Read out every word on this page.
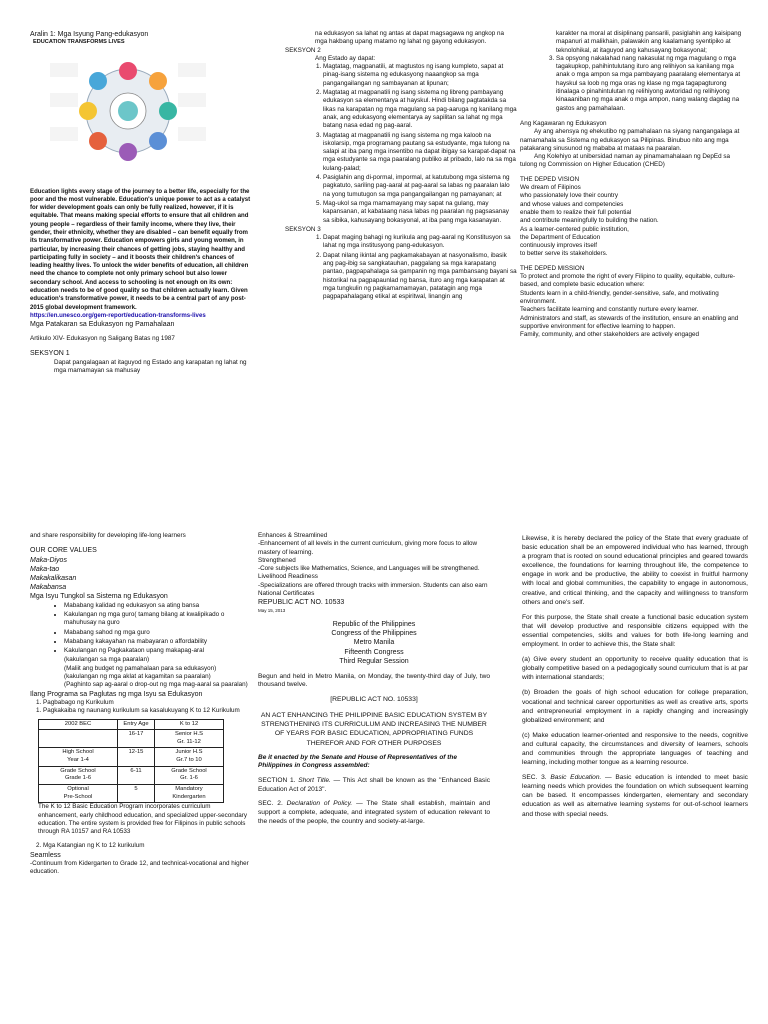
Aralin 1: Mga Isyung Pang-edukasyon
EDUCATION TRANSFORMS LIVES

Education lights every stage of the journey to a better life, especially for the poor and the most vulnerable. Education's unique power to act as a catalyst for wider development goals can only be fully realized, however, if it is equitable. That means making special efforts to ensure that all children and young people – regardless of their family income, where they live, their gender, their ethnicity, whether they are disabled – can benefit equally from its transformative power. Education empowers girls and young women, in particular, by increasing their chances of getting jobs, staying healthy and participating fully in society – and it boosts their children's chances of leading healthy lives. To unlock the wider benefits of education, all children need the chance to complete not only primary school but also lower secondary school. And access to schooling is not enough on its own: education needs to be of good quality so that children actually learn. Given education's transformative power, it needs to be a central part of any post-2015 global development framework.

https://en.unesco.org/gem-report/education-transforms-lives
Mga Patakaran sa Edukasyon ng Pamahalaan
Artikulo XIV- Edukasyon ng Saligang Batas ng 1987
SEKSYON 1

Dapat pangalagaan at itaguyod ng Estado ang karapatan ng lahat ng mga mamamayan sa mahusay

na edukasyon sa lahat ng antas at dapat magsagawa ng angkop na mga hakbang upang matamo ng lahat ng gayong edukasyon.

SEKSYON 2
Ang Estado ay dapat:
1. Magtatag, magpanatili, at magtustos ng isang kumpleto, sapat at pinag-isang sistema ng edukasyong naaangkop sa mga pangangailangan ng sambayanan at lipunan;
2. Magtatag at magpanatili ng isang sistema ng libreng pambayang edukasyon sa elementarya at hayskul. Hindi bilang pagtatakda sa likas na karapatan ng mga magulang sa pag-aaruga ng kanilang mga anak, ang edukasyong elementarya ay sapilitan sa lahat ng mga batang nasa edad ng pag-aaral.
3. Magtatag at magpanatili ng isang sistema ng mga kaloob na iskolarsip, mga programang pautang sa estudyante, mga tulong na salapi at iba pang mga insentibo na dapat ibigay sa karapat-dapat na mga estudyante sa mga paaralang publiko at pribado, lalo na sa mga kulang-palad;
4. Pasiglahin ang di-pormal, impormal, at katutubong mga sistema ng pagkatuto, sariling pag-aaral at pag-aaral sa labas ng paaralan lalo na yong tumutugon sa mga pangangailangan ng pamayanan; at
5. Mag-ukol sa mga mamamayang may sapat na gulang, may kapansanan, at kabataang nasa labas ng paaralan ng pagsasanay sa sibika, kahusayang bokasyonal, at iba pang mga kasanayan.
SEKSYON 3
1. Dapat maging bahagi ng kurikula ang pag-aaral ng Konstitusyon sa lahat ng mga institusyong pang-edukasyon.
2. Dapat nilang ikintal ang pagkamakabayan at nasyonalismo, ibasik ang pag-ibig sa sangkatauhan, paggalang sa mga karapatang pantao, pagpapahalaga sa gampanin ng mga pambansang bayani sa historikal na pagpapaunlad ng bansa, ituro ang mga karapatan at mga tungkulin ng pagkamamamayan, patatagin ang mga pagpapahalagang etikal at espiritwal, linangin ang

karakter na moral at disiplinang pansarili, pasiglahin ang kaisipang mapanuri at malikhain, palawakin ang kaalamang syentipiko at teknolohikal, at itaguyod ang kahusayang bokasyonal;

3. Sa opsyong nakalahad nang nakasulat ng mga magulang o mga tagakupkop, pahihintulutang ituro ang relihiyon sa kanilang mga anak o mga ampon sa mga pambayang paaralang elementarya at hayskul sa loob ng mga oras ng klase ng mga tagapagturong itinalaga o pinahintulutan ng relihiyong awtoridad ng relihiyong kinaaaniban ng mga anak o mga ampon, nang walang dagdag na gastos ang pamahalaan.
Ang Kagawaran ng Edukasyon

Ay ang ahensya ng ehekutibo ng pamahalaan na siyang nangangalaga at namamahala sa Sistema ng edukasyon sa Pilipinas. Binubuo nito ang mga patakarang sinusunod ng mababa at mataas na paaralan.

Ang Kolehiyo at unibersidad naman ay pinamamahalaan ng DepEd sa tulong ng Commission on Higher Education (CHED)

THE DEPED VISION
We dream of Filipinos
who passionately love their country
and whose values and competencies
enable them to realize their full potential
and contribute meaningfully to building the nation.
As a learner-centered public institution,
the Department of Education
continuously improves itself
to better serve its stakeholders.
THE DEPED MISSION
To protect and promote the right of every Filipino to quality, equitable, culture-based, and complete basic education where:
Students learn in a child-friendly, gender-sensitive, safe, and motivating environment.
Teachers facilitate learning and constantly nurture every learner.
Administrators and staff, as stewards of the institution, ensure an enabling and supportive environment for effective learning to happen.
Family, community, and other stakeholders are actively engaged
and share responsibility for developing life-long learners
OUR CORE VALUES
Maka-Diyos
Maka-tao
Makakalikasan
Makabansa
Mga Isyu Tungkol sa Sistema ng Edukasyon
• Mababang kalidad ng edukasyon sa ating bansa
• Kakulangan ng mga guro( tamang bilang at kwalipikado o mahuhusay na guro
• Mababang sahod ng mga guro
• Mababang kakayahan na mabayaran o affordability
• Kakulangan ng Pagkakataon upang makapag-aral
(kakulangan sa mga paaralan)
(Maliit ang budget ng pamahalaan para sa edukasyon)
(kakulangan ng mga aklat at kagamitan sa paaralan)
(Paghinto sap ag-aaral o drop-out ng mga mag-aaral sa paaralan)
Ilang Programa sa Paglutas ng mga Isyu sa Edukasyon
1. Pagbabago ng Kurikulum
1. Pagkakaiba ng naunang kurikulum sa kasalukuyang K to 12 Kurikulum
2002 BEC	Entry Age	K to 12
	16-17	Senior H.S
Gr. 11-12
High School
Year 1-4	12-15	Junior H.S
Gr.7 to 10
Grade School
Grade 1-6	6-11	Grade School
Gr. 1-6
Optional
Pre-School	5	Mandatory
Kindergarten

The K to 12 Basic Education Program incorporates curriculum enhancement, early childhood education, and specialized upper-secondary education. The entire system is provided free for Filipinos in public schools through RA 10157 and RA 10533

2. Mga Katangian ng K to 12 kurikulum
Seamless

-Continuum from Kidergarten to Grade 12, and technical-vocational and higher education.

Enhances & Streamlined
-Enhancement of all levels in the current curriculum, giving more focus to allow mastery of learning.
Strengthened
-Core subjects like Mathematics, Science, and Languages will be strengthened.
Livelihood Readiness
-Specializations are offered through tracks with immersion. Students can also earn National Certificates
REPUBLIC ACT NO. 10533
May 15, 2013
Republic of the Philippines
Congress of the Philippines
Metro Manila
Fifteenth Congress
Third Regular Session

Begun and held in Metro Manila, on Monday, the twenty-third day of July, two thousand twelve.

[REPUBLIC ACT NO. 10533]

AN ACT ENHANCING THE PHILIPPINE BASIC EDUCATION SYSTEM BY STRENGTHENING ITS CURRICULUM AND INCREASING THE NUMBER OF YEARS FOR BASIC EDUCATION, APPROPRIATING FUNDS THEREFOR AND FOR OTHER PURPOSES

Be it enacted by the Senate and House of Representatives of the Philippines in Congress assembled:

SECTION 1. Short Title. — This Act shall be known as the "Enhanced Basic Education Act of 2013".

SEC. 2. Declaration of Policy. — The State shall establish, maintain and support a complete, adequate, and integrated system of education relevant to the needs of the people, the country and society-at-large.

Likewise, it is hereby declared the policy of the State that every graduate of basic education shall be an empowered individual who has learned, through a program that is rooted on sound educational principles and geared towards excellence, the foundations for learning throughout life, the competence to engage in work and be productive, the ability to coexist in fruitful harmony with local and global communities, the capability to engage in autonomous, creative, and critical thinking, and the capacity and willingness to transform others and one's self.

For this purpose, the State shall create a functional basic education system that will develop productive and responsible citizens equipped with the essential competencies, skills and values for both life-long learning and employment. In order to achieve this, the State shall:

(a) Give every student an opportunity to receive quality education that is globally competitive based on a pedagogically sound curriculum that is at par with international standards;

(b) Broaden the goals of high school education for college preparation, vocational and technical career opportunities as well as creative arts, sports and entrepreneurial employment in a rapidly changing and increasingly globalized environment; and

(c) Make education learner-oriented and responsive to the needs, cognitive and cultural capacity, the circumstances and diversity of learners, schools and communities through the appropriate languages of teaching and learning, including mother tongue as a learning resource.

SEC. 3. Basic Education. — Basic education is intended to meet basic learning needs which provides the foundation on which subsequent learning can be based. It encompasses kindergarten, elementary and secondary education as well as alternative learning systems for out-of-school learners and those with special needs.
